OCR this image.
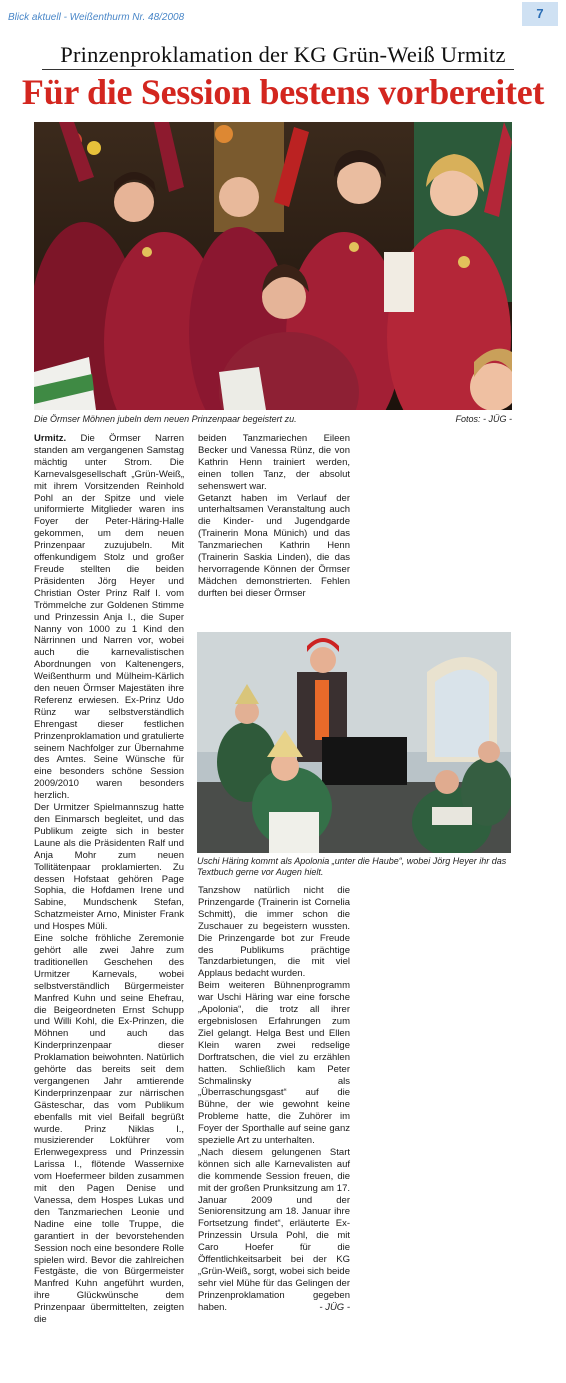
Blick aktuell - Weißenthurm Nr. 48/2008	7
Prinzenproklamation der KG Grün-Weiß Urmitz
Für die Session bestens vorbereitet
Die Örmser Möhnen jubeln dem neuen Prinzenpaar begeistert zu.	Fotos: - JÜG -

Urmitz. Die Örmser Narren standen am vergangenen Samstag mächtig unter Strom. Die Karnevalsgesellschaft „Grün-Weiß„ mit ihrem Vorsitzenden Reinhold Pohl an der Spitze und viele uniformierte Mitglieder waren ins Foyer der Peter-Häring-Halle gekommen, um dem neuen Prinzenpaar zuzujubeln. Mit offenkundigem Stolz und großer Freude stellten die beiden Präsidenten Jörg Heyer und Christian Oster Prinz Ralf I. vom Trömmelche zur Goldenen Stimme und Prinzessin Anja I., die Super Nanny von 1000 zu 1 Kind den Närrinnen und Narren vor, wobei auch die karnevalistischen Abordnungen von Kaltenengers, Weißenthurm und Mülheim-Kärlich den neuen Örmser Majestäten ihre Referenz erwiesen. Ex-Prinz Udo Rünz war selbstverständlich Ehrengast dieser festlichen Prinzenproklamation und gratulierte seinem Nachfolger zur Übernahme des Amtes. Seine Wünsche für eine besonders schöne Session 2009/2010 waren besonders herzlich.

Der Urmitzer Spielmannszug hatte den Einmarsch begleitet, und das Publikum zeigte sich in bester Laune als die Präsidenten Ralf und Anja Mohr zum neuen Tollitätenpaar proklamierten. Zu dessen Hofstaat gehören Page Sophia, die Hofdamen Irene und Sabine, Mundschenk Stefan, Schatzmeister Arno, Minister Frank und Hospes Müli.

Eine solche fröhliche Zeremonie gehört alle zwei Jahre zum traditionellen Geschehen des Urmitzer Karnevals, wobei selbstverständlich Bürgermeister Manfred Kuhn und seine Ehefrau, die Beigeordneten Ernst Schupp und Willi Kohl, die Ex-Prinzen, die Möhnen und auch das Kinderprinzenpaar dieser Proklamation beiwohnten. Natürlich gehörte das bereits seit dem vergangenen Jahr amtierende Kinderprinzenpaar zur närrischen Gästeschar, das vom Publikum ebenfalls mit viel Beifall begrüßt wurde. Prinz Niklas I., musizierender Lokführer vom Erlenwegexpress und Prinzessin Larissa I., flötende Wassernixe vom Hoefermeer bilden zusammen mit den Pagen Denise und Vanessa, dem Hospes Lukas und den Tanzmariechen Leonie und Nadine eine tolle Truppe, die garantiert in der bevorstehenden Session noch eine besondere Rolle spielen wird. Bevor die zahlreichen Festgäste, die von Bürgermeister Manfred Kuhn angeführt wurden, ihre Glückwünsche dem Prinzenpaar übermittelten, zeigten die

beiden Tanzmariechen Eileen Becker und Vanessa Rünz, die von Kathrin Henn trainiert werden, einen tollen Tanz, der absolut sehenswert war.

Getanzt haben im Verlauf der unterhaltsamen Veranstaltung auch die Kinder- und Jugendgarde (Trainerin Mona Münich) und das Tanzmariechen Kathrin Henn (Trainerin Saskia Linden), die das hervorragende Können der Örmser Mädchen demonstrierten. Fehlen durften bei dieser Örmser

Uschi Häring kommt als Apolonia „unter die Haube“, wobei Jörg Heyer ihr das Textbuch gerne vor Augen hielt.

Tanzshow natürlich nicht die Prinzengarde (Trainerin ist Cornelia Schmitt), die immer schon die Zuschauer zu begeistern wussten. Die Prinzengarde bot zur Freude des Publikums prächtige Tanzdarbietungen, die mit viel Applaus bedacht wurden.

Beim weiteren Bühnenprogramm war Uschi Häring war eine forsche „Apolonia“, die trotz all ihrer ergebnislosen Erfahrungen zum Ziel gelangt. Helga Best und Ellen Klein waren zwei redselige Dorftratschen, die viel zu erzählen hatten. Schließlich kam Peter Schmalinsky als „Überraschungsgast“ auf die Bühne, der wie gewohnt keine Probleme hatte, die Zuhörer im Foyer der Sporthalle auf seine ganz spezielle Art zu unterhalten.

„Nach diesem gelungenen Start können sich alle Karnevalisten auf die kommende Session freuen, die mit der großen Prunksitzung am 17. Januar 2009 und der Seniorensitzung am 18. Januar ihre Fortsetzung findet“, erläuterte Ex-Prinzessin Ursula Pohl, die mit Caro Hoefer für die Öffentlichkeitsarbeit bei der KG „Grün-Weiß„ sorgt, wobei sich beide sehr viel Mühe für das Gelingen der Prinzenproklamation gegeben haben.	- JÜG -
